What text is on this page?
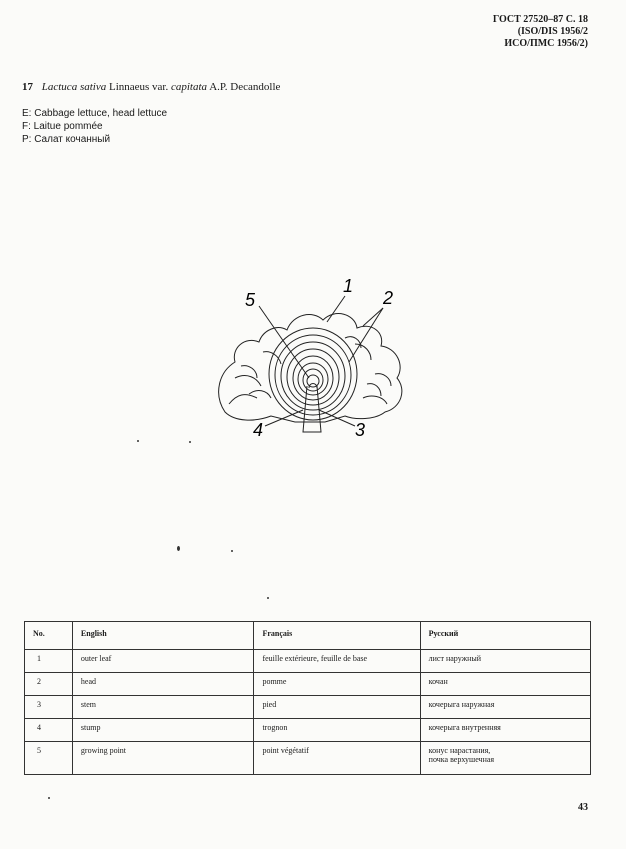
ГОСТ 27520–87 С. 18
(ISO/DIS 1956/2
ИСО/ПМС 1956/2)
17 Lactuca sativa Linnaeus var. capitata A.P. Decandolle
E: Cabbage lettuce, head lettuce
F: Laitue pommée
P: Салат кочанный
1
2
3
4
5
No.	English	Français	Русский
1	outer leaf	feuille extérieure, feuille de base	лист наружный
2	head	pomme	кочан
3	stem	pied	кочерыга наружная
4	stump	trognon	кочерыга внутренняя
5	growing point	point végétatif	конус нарастания,
почка верхушечная
43
